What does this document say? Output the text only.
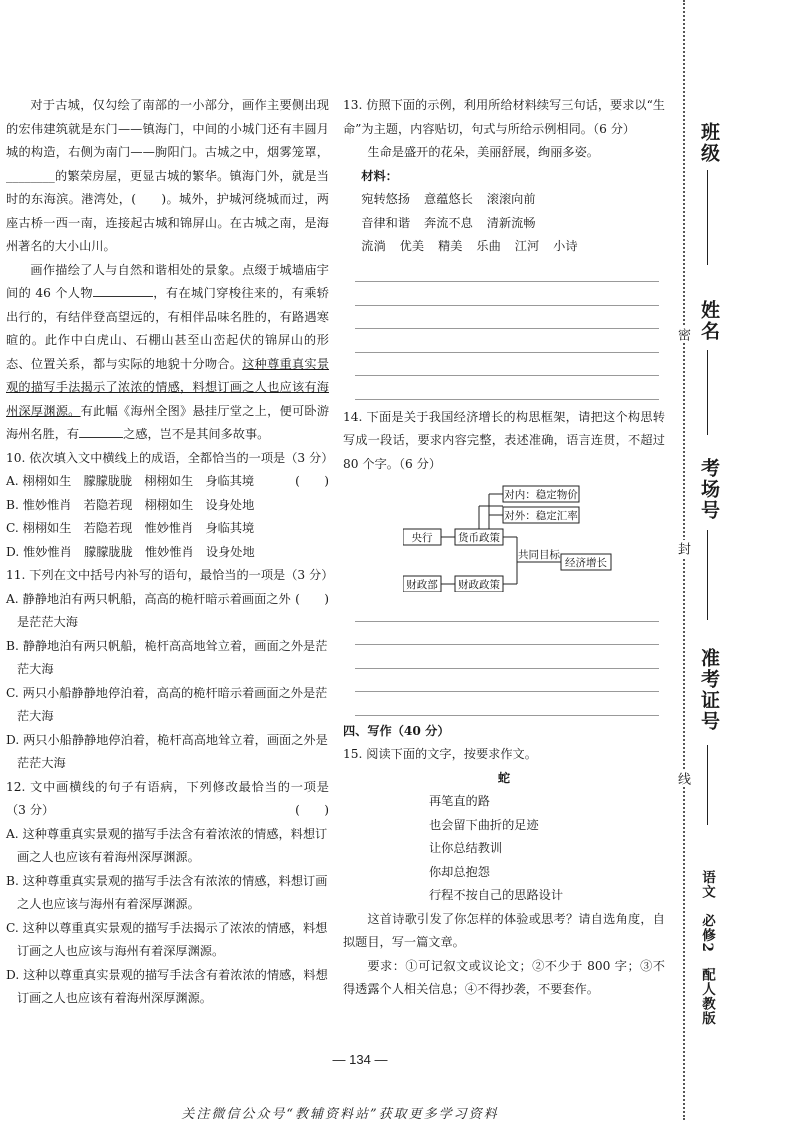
对于古城，仅勾绘了南部的一小部分，画作主要侧出现的宏伟建筑就是东门——镇海门，中间的小城门还有丰圆月城的构造，右侧为南门——朐阳门。古城之中，烟雾笼罩，________的繁荣房屋，更显古城的繁华。镇海门外，就是当时的东海滨。港湾处，(　　)。城外，护城河绕城而过，两座古桥一西一南，连接起古城和锦屏山。在古城之南，是海州著名的大小山川。

画作描绘了人与自然和谐相处的景象。点缀于城墙庙宇间的 46 个人物	，有在城门穿梭往来的，有乘轿出行的，有结伴登高望远的，有相伴品味名胜的，有路遇寒暄的。此作中白虎山、石棚山甚至山峦起伏的锦屏山的形态、位置关系，都与实际的地貌十分吻合。这种尊重真实景观的描写手法揭示了浓浓的情感，料想订画之人也应该有海州深厚渊源。有此幅《海州全图》悬挂厅堂之上，便可卧游海州名胜，有	之感，岂不是其间多故事。

10. 依次填入文中横线上的成语，全都恰当的一项是（3 分）
(　　)

A. 栩栩如生　朦朦胧胧　栩栩如生　身临其境

B. 惟妙惟肖　若隐若现　栩栩如生　设身处地

C. 栩栩如生　若隐若现　惟妙惟肖　身临其境

D. 惟妙惟肖　朦朦胧胧　惟妙惟肖　设身处地

11. 下列在文中括号内补写的语句，最恰当的一项是（3 分）
(　　)

A. 静静地泊有两只帆船，高高的桅杆暗示着画面之外是茫茫大海

B. 静静地泊有两只帆船，桅杆高高地耸立着，画面之外是茫茫大海

C. 两只小船静静地停泊着，高高的桅杆暗示着画面之外是茫茫大海

D. 两只小船静静地停泊着，桅杆高高地耸立着，画面之外是茫茫大海

12. 文中画横线的句子有语病，下列修改最恰当的一项是（3 分）	(　　)

A. 这种尊重真实景观的描写手法含有着浓浓的情感，料想订画之人也应该有着海州深厚渊源。

B. 这种尊重真实景观的描写手法含有浓浓的情感，料想订画之人也应该与海州有着深厚渊源。

C. 这种以尊重真实景观的描写手法揭示了浓浓的情感，料想订画之人也应该与海州有着深厚渊源。

D. 这种以尊重真实景观的描写手法含有着浓浓的情感，料想订画之人也应该有着海州深厚渊源。

13. 仿照下面的示例，利用所给材料续写三句话，要求以“生命”为主题，内容贴切，句式与所给示例相同。（6 分）

生命是盛开的花朵，美丽舒展，绚丽多姿。

材料：

宛转悠扬 意蕴悠长 滚滚向前

音律和谐 奔流不息 清新流畅

流淌 优美 精美 乐曲 江河 小诗

14. 下面是关于我国经济增长的构思框架，请把这个构思转写成一段话，要求内容完整，表述准确，语言连贯，不超过 80 个字。（6 分）

央行 货币政策
对内：稳定物价
对外：稳定汇率
共同目标
经济增长
财政部 财政政策

四、写作（40 分）

15. 阅读下面的文字，按要求作文。

蛇

再笔直的路

也会留下曲折的足迹

让你总结教训

你却总抱怨

行程不按自己的思路设计

这首诗歌引发了你怎样的体验或思考？请自选角度，自拟题目，写一篇文章。

要求：①可记叙文或议论文；②不少于 800 字；③不得透露个人相关信息；④不得抄袭，不要套作。

— 134 —
关注微信公众号“教辅资料站”获取更多学习资料
班级
姓名
考场号
准考证号
密
封
线
语文　必修2　配人教版
